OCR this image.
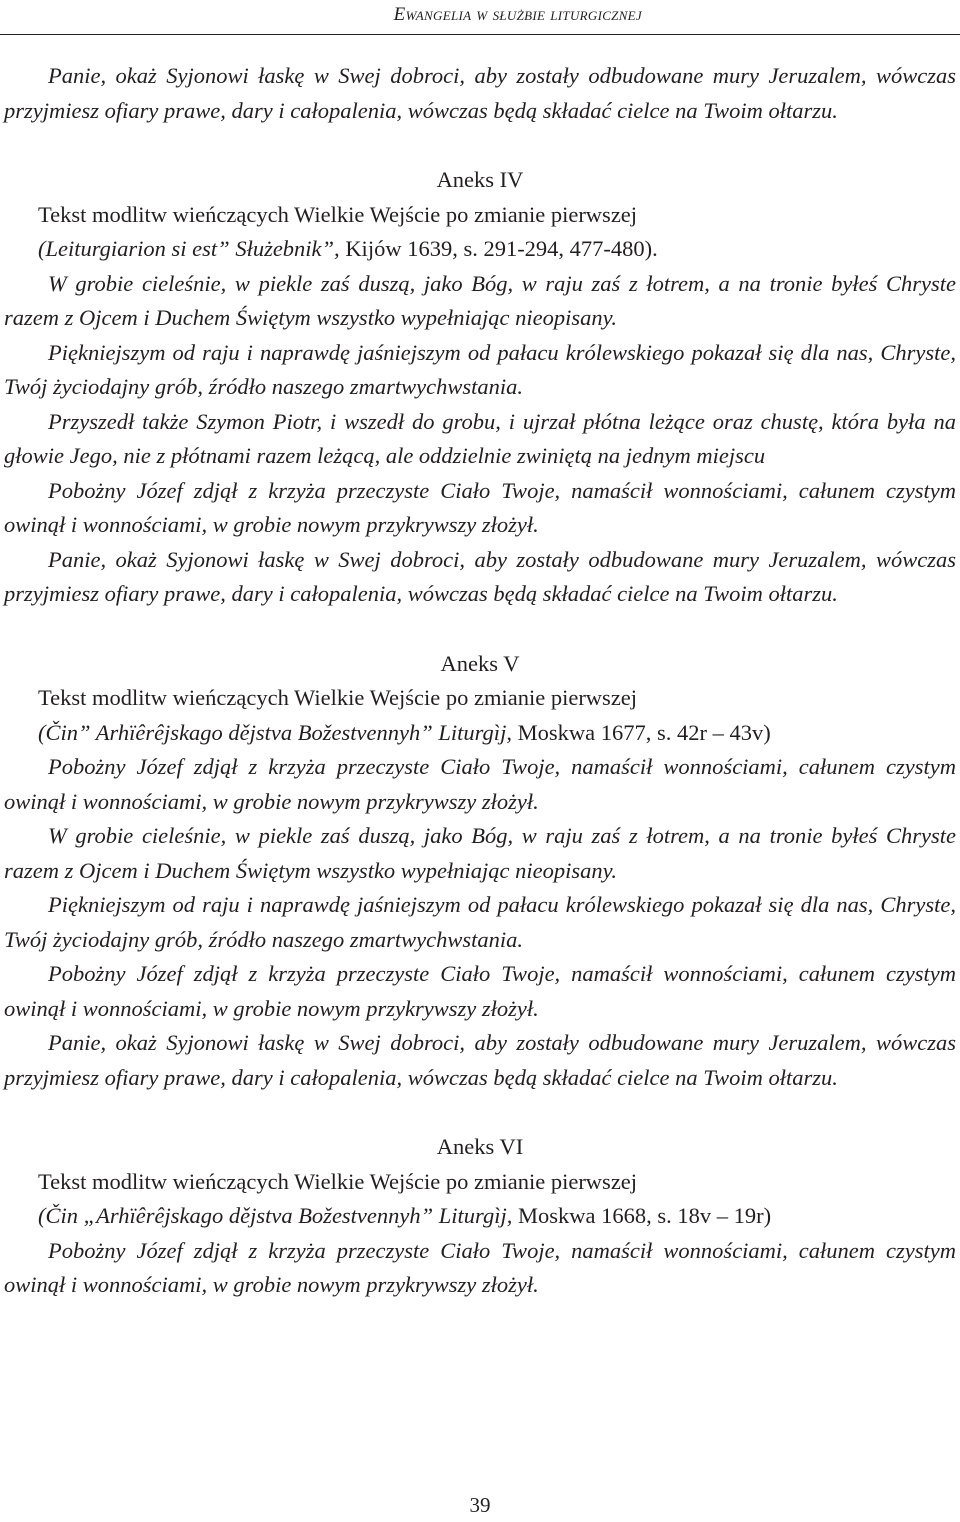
Ewangelia w służbie liturgicznej

Panie, okaż Syjonowi łaskę w Swej dobroci, aby zostały odbudowane mury Jeruzalem, wówczas przyjmiesz ofiary prawe, dary i całopalenia, wówczas będą składać cielce na Twoim ołtarzu.

Aneks IV

Tekst modlitw wieńczących Wielkie Wejście po zmianie pierwszej

(Leiturgiarion si est” Służebnik”, Kijów 1639, s. 291-294, 477-480).

W grobie cieleśnie, w piekle zaś duszą, jako Bóg, w raju zaś z łotrem, a na tronie byłeś Chryste razem z Ojcem i Duchem Świętym wszystko wypełniając nieopisany.

Piękniejszym od raju i naprawdę jaśniejszym od pałacu królewskiego pokazał się dla nas, Chryste, Twój życiodajny grób, źródło naszego zmartwychwstania.

Przyszedł także Szymon Piotr, i wszedł do grobu, i ujrzał płótna leżące oraz chustę, która była na głowie Jego, nie z płótnami razem leżącą, ale oddzielnie zwiniętą na jednym miejscu

Pobożny Józef zdjął z krzyża przeczyste Ciało Twoje, namaścił wonnościami, całunem czystym owinął i wonnościami, w grobie nowym przykrywszy złożył.

Panie, okaż Syjonowi łaskę w Swej dobroci, aby zostały odbudowane mury Jeruzalem, wówczas przyjmiesz ofiary prawe, dary i całopalenia, wówczas będą składać cielce na Twoim ołtarzu.

Aneks V

Tekst modlitw wieńczących Wielkie Wejście po zmianie pierwszej

(Čin” Arhïêrêjskago dějstva Božestvennyh” Liturgìj, Moskwa 1677, s. 42r – 43v)

Pobożny Józef zdjął z krzyża przeczyste Ciało Twoje, namaścił wonnościami, całunem czystym owinął i wonnościami, w grobie nowym przykrywszy złożył.

W grobie cieleśnie, w piekle zaś duszą, jako Bóg, w raju zaś z łotrem, a na tronie byłeś Chryste razem z Ojcem i Duchem Świętym wszystko wypełniając nieopisany.

Piękniejszym od raju i naprawdę jaśniejszym od pałacu królewskiego pokazał się dla nas, Chryste, Twój życiodajny grób, źródło naszego zmartwychwstania.

Pobożny Józef zdjął z krzyża przeczyste Ciało Twoje, namaścił wonnościami, całunem czystym owinął i wonnościami, w grobie nowym przykrywszy złożył.

Panie, okaż Syjonowi łaskę w Swej dobroci, aby zostały odbudowane mury Jeruzalem, wówczas przyjmiesz ofiary prawe, dary i całopalenia, wówczas będą składać cielce na Twoim ołtarzu.

Aneks VI

Tekst modlitw wieńczących Wielkie Wejście po zmianie pierwszej

(Čin „Arhïêrêjskago dějstva Božestvennyh” Liturgìj, Moskwa 1668, s. 18v – 19r)

Pobożny Józef zdjął z krzyża przeczyste Ciało Twoje, namaścił wonnościami, całunem czystym owinął i wonnościami, w grobie nowym przykrywszy złożył.

39
